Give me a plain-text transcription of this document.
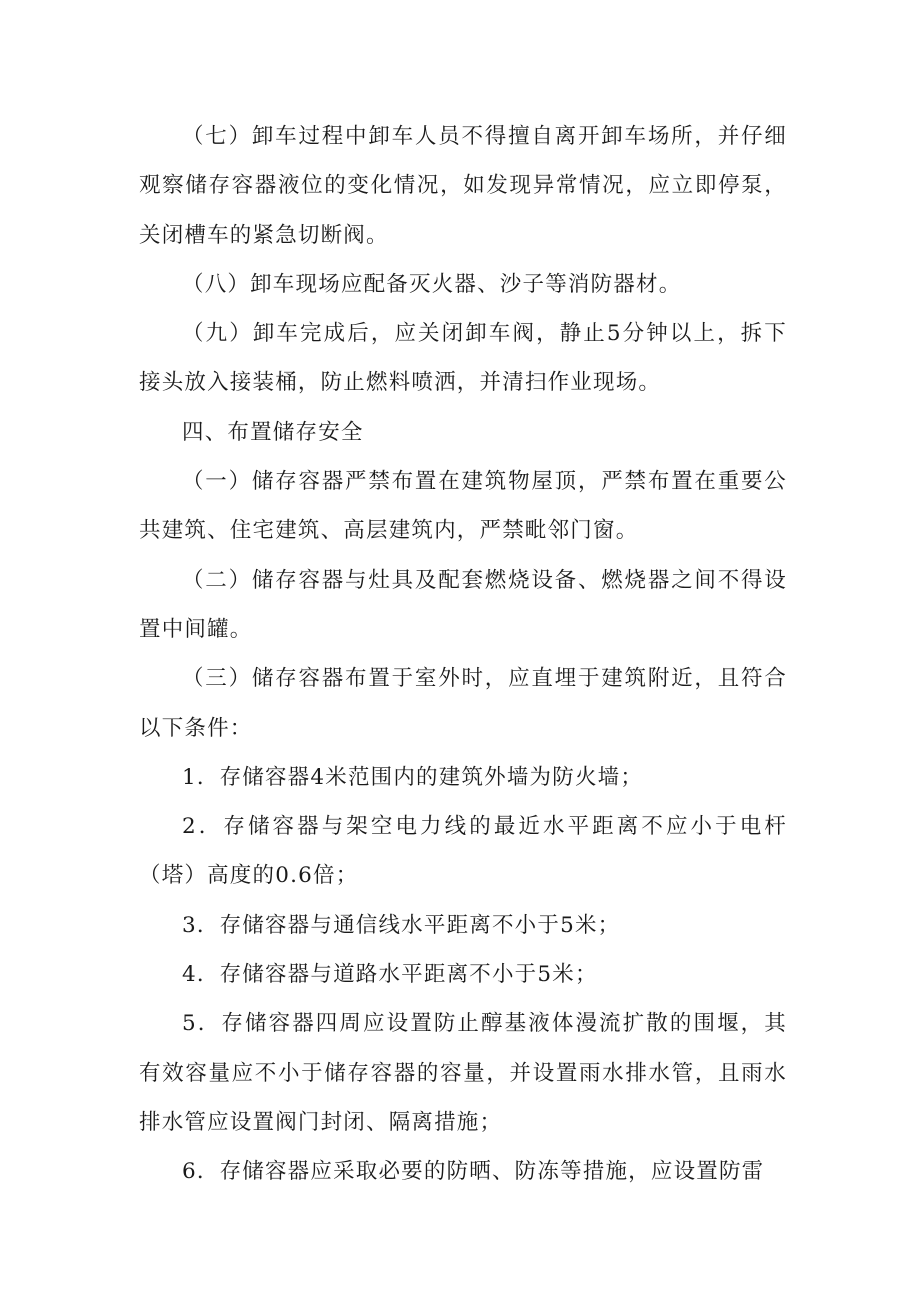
（七）卸车过程中卸车人员不得擅自离开卸车场所，并仔细观察储存容器液位的变化情况，如发现异常情况，应立即停泵，关闭槽车的紧急切断阀。

（八）卸车现场应配备灭火器、沙子等消防器材。

（九）卸车完成后，应关闭卸车阀，静止5分钟以上，拆下接头放入接装桶，防止燃料喷洒，并清扫作业现场。

四、布置储存安全

（一）储存容器严禁布置在建筑物屋顶，严禁布置在重要公共建筑、住宅建筑、高层建筑内，严禁毗邻门窗。

（二）储存容器与灶具及配套燃烧设备、燃烧器之间不得设置中间罐。

（三）储存容器布置于室外时，应直埋于建筑附近，且符合以下条件：

1．存储容器4米范围内的建筑外墙为防火墙；

2．存储容器与架空电力线的最近水平距离不应小于电杆（塔）高度的0.6倍；

3．存储容器与通信线水平距离不小于5米；

4．存储容器与道路水平距离不小于5米；

5．存储容器四周应设置防止醇基液体漫流扩散的围堰，其有效容量应不小于储存容器的容量，并设置雨水排水管，且雨水排水管应设置阀门封闭、隔离措施；

6．存储容器应采取必要的防晒、防冻等措施，应设置防雷
